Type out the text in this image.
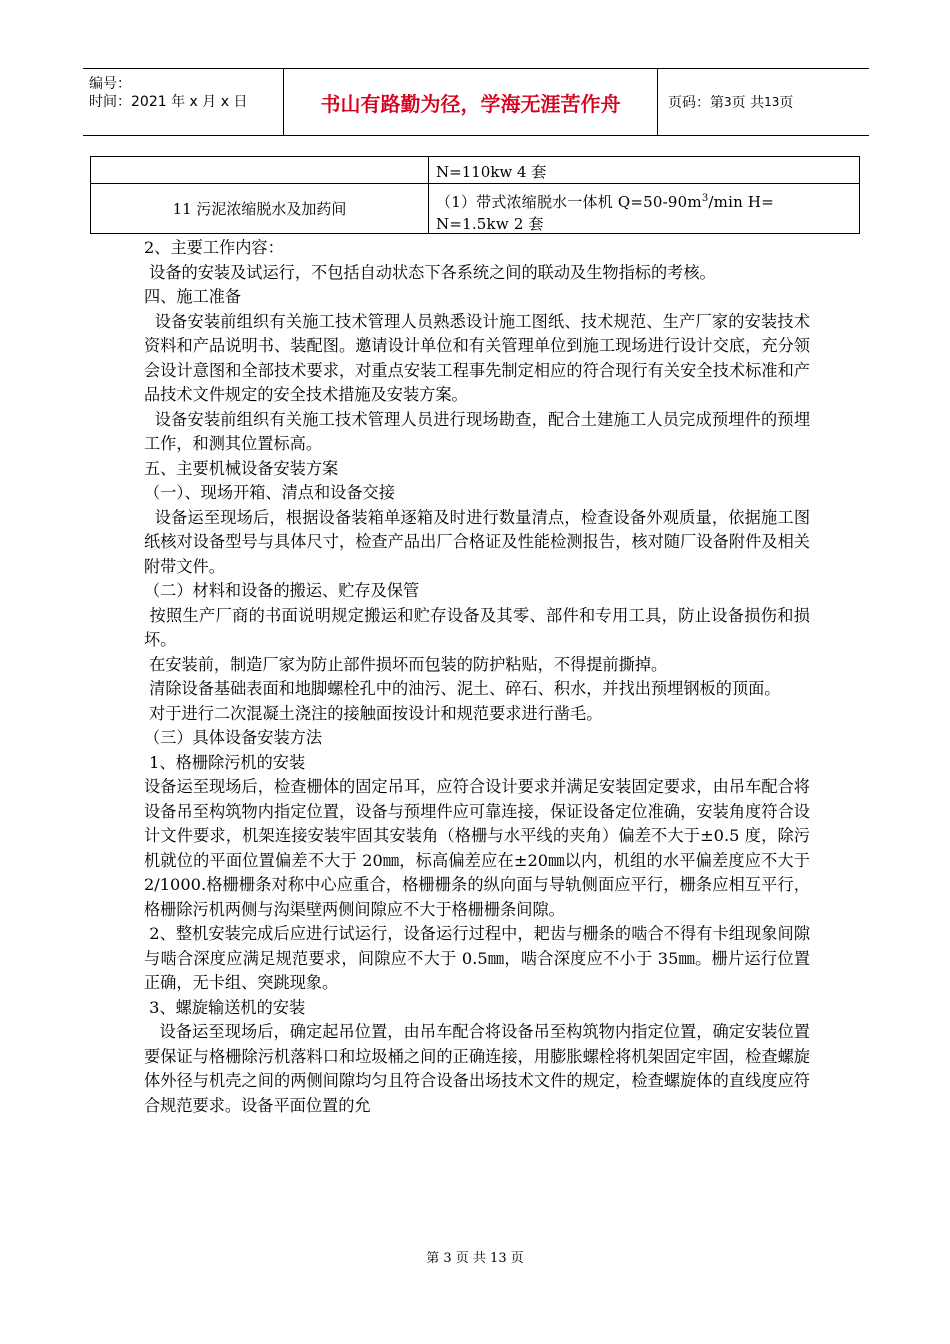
编号：
时间：2021 年 x 月 x 日	书山有路勤为径，学海无涯苦作舟	页码：第 3 页 共 13 页
N=110kw 4 套
11 污泥浓缩脱水及加药间	（1）带式浓缩脱水一体机 $Q=50-90m^3/\min$ H=
N=1.5kw 2 套

2、主要工作内容：

设备的安装及试运行，不包括自动状态下各系统之间的联动及生物指标的考核。

四、施工准备

设备安装前组织有关施工技术管理人员熟悉设计施工图纸、技术规范、生产厂家的安装技术资料和产品说明书、装配图。邀请设计单位和有关管理单位到施工现场进行设计交底，充分领会设计意图和全部技术要求，对重点安装工程事先制定相应的符合现行有关安全技术标准和产品技术文件规定的安全技术措施及安装方案。

设备安装前组织有关施工技术管理人员进行现场勘查，配合土建施工人员完成预埋件的预埋工作，和测其位置标高。

五、主要机械设备安装方案

（一）、现场开箱、清点和设备交接

设备运至现场后，根据设备装箱单逐箱及时进行数量清点，检查设备外观质量，依据施工图纸核对设备型号与具体尺寸，检查产品出厂合格证及性能检测报告，核对随厂设备附件及相关附带文件。

（二）材料和设备的搬运、贮存及保管

按照生产厂商的书面说明规定搬运和贮存设备及其零、部件和专用工具，防止设备损伤和损坏。

在安装前，制造厂家为防止部件损坏而包装的防护粘贴，不得提前撕掉。

清除设备基础表面和地脚螺栓孔中的油污、泥土、碎石、积水，并找出预埋钢板的顶面。

对于进行二次混凝土浇注的接触面按设计和规范要求进行凿毛。

（三）具体设备安装方法

1、格栅除污机的安装

设备运至现场后，检查栅体的固定吊耳，应符合设计要求并满足安装固定要求，由吊车配合将设备吊至构筑物内指定位置，设备与预埋件应可靠连接，保证设备定位准确，安装角度符合设计文件要求，机架连接安装牢固其安装角（格栅与水平线的夹角）偏差不大于±0.5 度，除污机就位的平面位置偏差不大于 20㎜，标高偏差应在±20㎜以内，机组的水平偏差度应不大于 2/1000.格栅栅条对称中心应重合，格栅栅条的纵向面与导轨侧面应平行，栅条应相互平行，格栅除污机两侧与沟渠壁两侧间隙应不大于格栅栅条间隙。

2、整机安装完成后应进行试运行，设备运行过程中，耙齿与栅条的啮合不得有卡组现象间隙与啮合深度应满足规范要求，间隙应不大于 0.5㎜，啮合深度应不小于 35㎜。栅片运行位置正确，无卡组、突跳现象。

3、螺旋输送机的安装

设备运至现场后，确定起吊位置，由吊车配合将设备吊至构筑物内指定位置，确定安装位置要保证与格栅除污机落料口和垃圾桶之间的正确连接，用膨胀螺栓将机架固定牢固，检查螺旋体外径与机壳之间的两侧间隙均匀且符合设备出场技术文件的规定，检查螺旋体的直线度应符合规范要求。设备平面位置的允

第 3 页 共 13 页
